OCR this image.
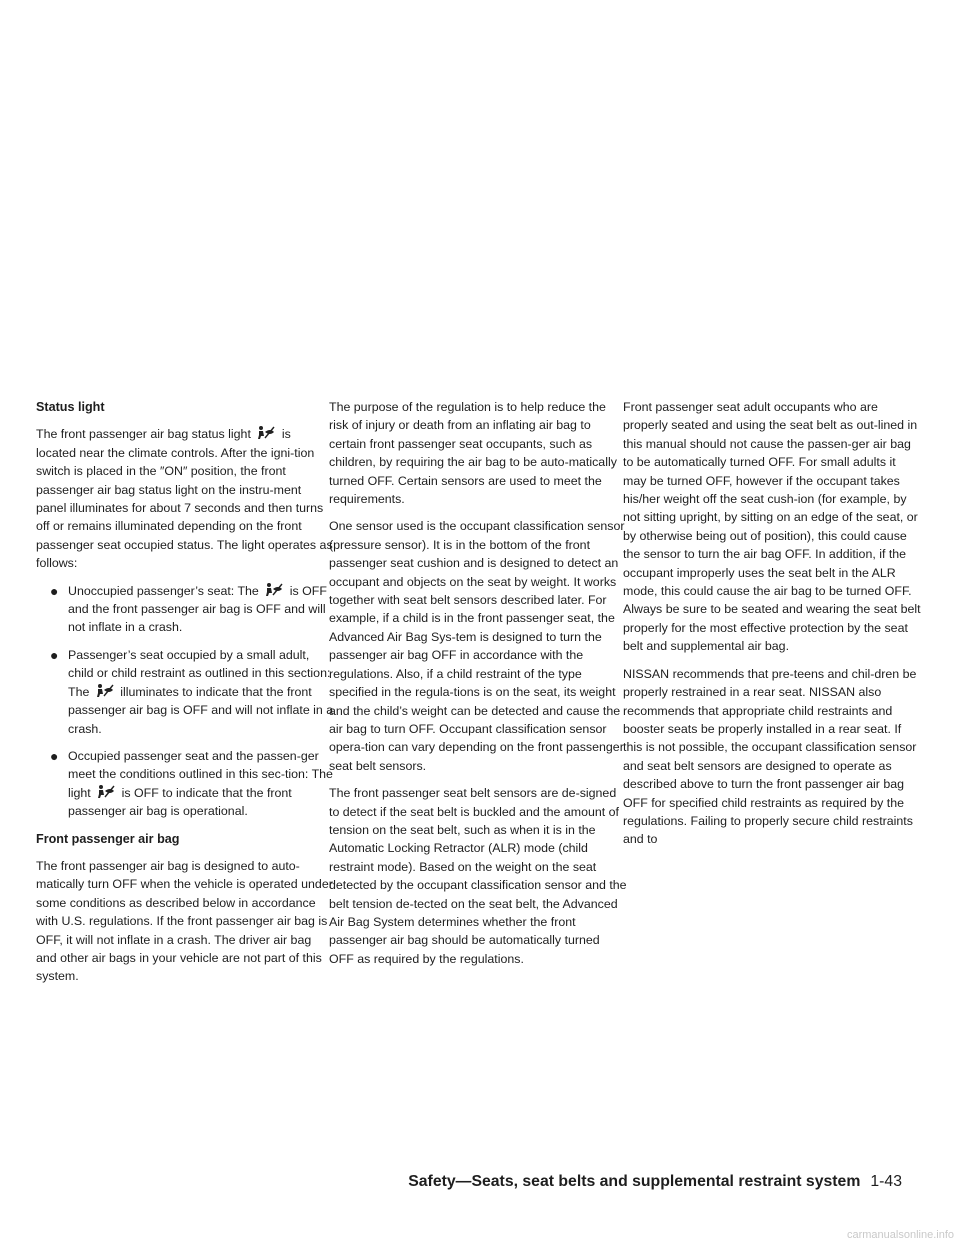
Status light

The front passenger air bag status light is located near the climate controls. After the igni-tion switch is placed in the ″ON″ position, the front passenger air bag status light on the instru-ment panel illuminates for about 7 seconds and then turns off or remains illuminated depending on the front passenger seat occupied status. The light operates as follows:

● Unoccupied passenger’s seat: The is OFF and the front passenger air bag is OFF and will not inflate in a crash.
● Passenger’s seat occupied by a small adult, child or child restraint as outlined in this section: The illuminates to indicate that the front passenger air bag is OFF and will not inflate in a crash.
● Occupied passenger seat and the passen-ger meet the conditions outlined in this sec-tion: The light is OFF to indicate that the front passenger air bag is operational.
Front passenger air bag

The front passenger air bag is designed to auto-matically turn OFF when the vehicle is operated under some conditions as described below in accordance with U.S. regulations. If the front passenger air bag is OFF, it will not inflate in a crash. The driver air bag and other air bags in your vehicle are not part of this system.

The purpose of the regulation is to help reduce the risk of injury or death from an inflating air bag to certain front passenger seat occupants, such as children, by requiring the air bag to be auto-matically turned OFF. Certain sensors are used to meet the requirements.

One sensor used is the occupant classification sensor (pressure sensor). It is in the bottom of the front passenger seat cushion and is designed to detect an occupant and objects on the seat by weight. It works together with seat belt sensors described later. For example, if a child is in the front passenger seat, the Advanced Air Bag Sys-tem is designed to turn the passenger air bag OFF in accordance with the regulations. Also, if a child restraint of the type specified in the regula-tions is on the seat, its weight and the child’s weight can be detected and cause the air bag to turn OFF. Occupant classification sensor opera-tion can vary depending on the front passenger seat belt sensors.

The front passenger seat belt sensors are de-signed to detect if the seat belt is buckled and the amount of tension on the seat belt, such as when it is in the Automatic Locking Retractor (ALR) mode (child restraint mode). Based on the weight on the seat detected by the occupant classification sensor and the belt tension de-tected on the seat belt, the Advanced Air Bag System determines whether the front passenger air bag should be automatically turned OFF as required by the regulations.

Front passenger seat adult occupants who are properly seated and using the seat belt as out-lined in this manual should not cause the passen-ger air bag to be automatically turned OFF. For small adults it may be turned OFF, however if the occupant takes his/her weight off the seat cush-ion (for example, by not sitting upright, by sitting on an edge of the seat, or by otherwise being out of position), this could cause the sensor to turn the air bag OFF. In addition, if the occupant improperly uses the seat belt in the ALR mode, this could cause the air bag to be turned OFF. Always be sure to be seated and wearing the seat belt properly for the most effective protection by the seat belt and supplemental air bag.

NISSAN recommends that pre-teens and chil-dren be properly restrained in a rear seat. NISSAN also recommends that appropriate child restraints and booster seats be properly installed in a rear seat. If this is not possible, the occupant classification sensor and seat belt sensors are designed to operate as described above to turn the front passenger air bag OFF for specified child restraints as required by the regulations. Failing to properly secure child restraints and to

Safety—Seats, seat belts and supplemental restraint system 1-43
carmanualsonline.info
